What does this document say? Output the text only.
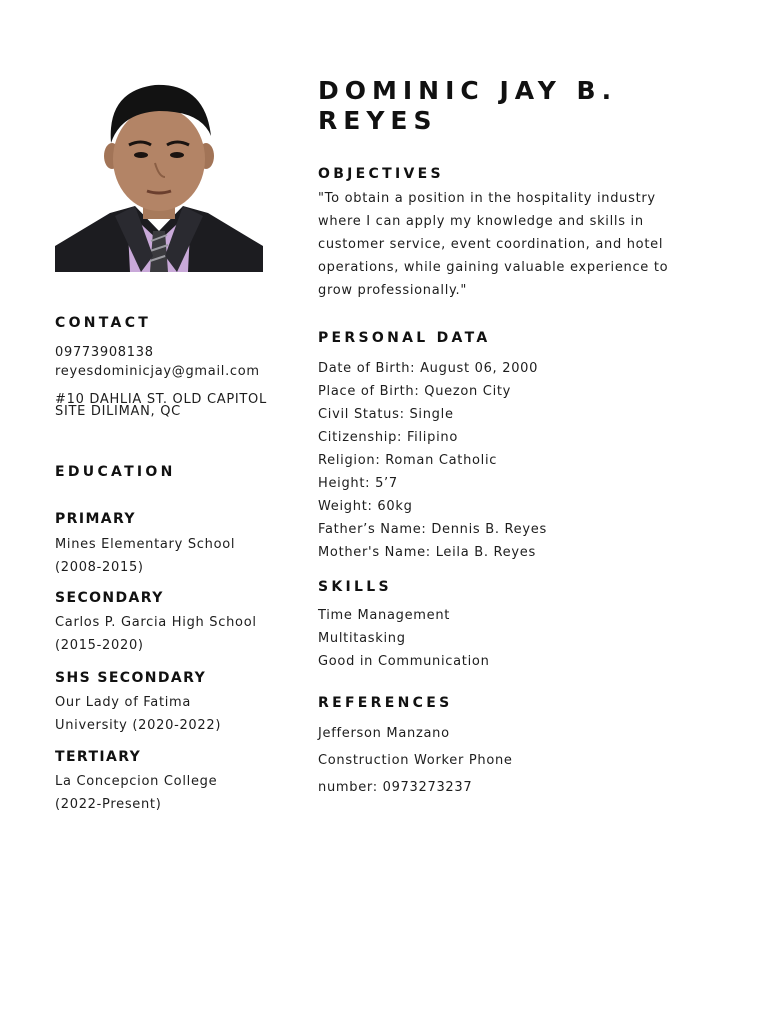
DOMINIC JAY B.
REYES
OBJECTIVES
"To obtain a position in the hospitality industry
where I can apply my knowledge and skills in
customer service, event coordination, and hotel
operations, while gaining valuable experience to
grow professionally."
CONTACT
09773908138
reyesdominicjay@gmail.com
#10 DAHLIA ST. OLD CAPITOL
SITE DILIMAN, QC
PERSONAL DATA
Date of Birth: August 06, 2000
Place of Birth: Quezon City
Civil Status: Single
Citizenship: Filipino
Religion: Roman Catholic
Height: 5’7
Weight: 60kg
Father’s Name: Dennis B. Reyes
Mother's Name: Leila B. Reyes
EDUCATION
PRIMARY
Mines Elementary School
(2008-2015)
SECONDARY
Carlos P. Garcia High School
(2015-2020)
SHS SECONDARY
Our Lady of Fatima
University (2020-2022)
TERTIARY
La Concepcion College
(2022-Present)
SKILLS
Time Management
Multitasking
Good in Communication
REFERENCES
Jefferson Manzano
Construction Worker Phone
number: 0973273237
